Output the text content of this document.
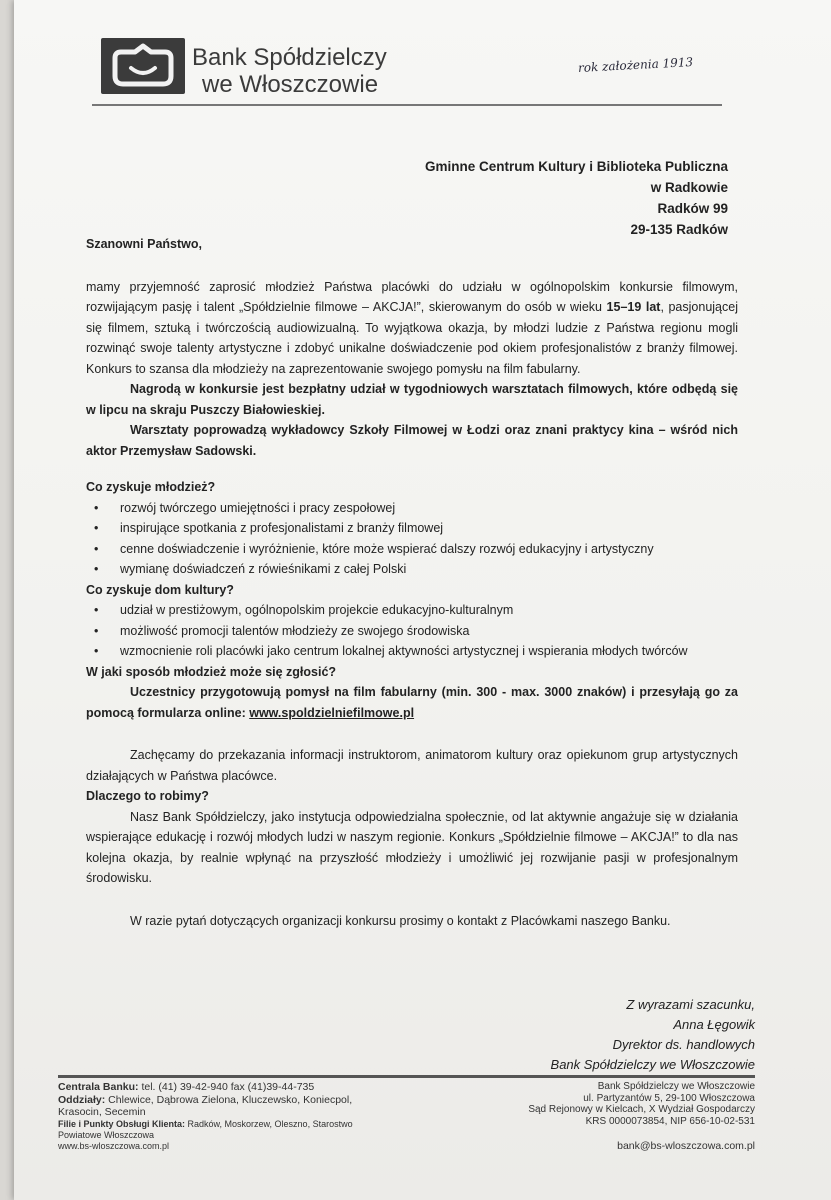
Bank Spółdzielczy
we Włoszczowie
rok założenia 1913
Gminne Centrum Kultury i Biblioteka Publiczna
w Radkowie
Radków 99
29-135 Radków

Szanowni Państwo,

mamy przyjemność zaprosić młodzież Państwa placówki do udziału w ogólnopolskim konkursie filmowym, rozwijającym pasję i talent „Spółdzielnie filmowe – AKCJA!”, skierowanym do osób w wieku 15–19 lat, pasjonującej się filmem, sztuką i twórczością audiowizualną. To wyjątkowa okazja, by młodzi ludzie z Państwa regionu mogli rozwinąć swoje talenty artystyczne i zdobyć unikalne doświadczenie pod okiem profesjonalistów z branży filmowej. Konkurs to szansa dla młodzieży na zaprezentowanie swojego pomysłu na film fabularny.

Nagrodą w konkursie jest bezpłatny udział w tygodniowych warsztatach filmowych, które odbędą się w lipcu na skraju Puszczy Białowieskiej.

Warsztaty poprowadzą wykładowcy Szkoły Filmowej w Łodzi oraz znani praktycy kina – wśród nich aktor Przemysław Sadowski.

Co zyskuje młodzież?

• rozwój twórczego umiejętności i pracy zespołowej
• inspirujące spotkania z profesjonalistami z branży filmowej
• cenne doświadczenie i wyróżnienie, które może wspierać dalszy rozwój edukacyjny i artystyczny
• wymianę doświadczeń z rówieśnikami z całej Polski

Co zyskuje dom kultury?

• udział w prestiżowym, ogólnopolskim projekcie edukacyjno-kulturalnym
• możliwość promocji talentów młodzieży ze swojego środowiska
• wzmocnienie roli placówki jako centrum lokalnej aktywności artystycznej i wspierania młodych twórców

W jaki sposób młodzież może się zgłosić?

Uczestnicy przygotowują pomysł na film fabularny (min. 300 - max. 3000 znaków) i przesyłają go za pomocą formularza online: www.spoldzielniefilmowe.pl

Zachęcamy do przekazania informacji instruktorom, animatorom kultury oraz opiekunom grup artystycznych działających w Państwa placówce.

Dlaczego to robimy?

Nasz Bank Spółdzielczy, jako instytucja odpowiedzialna społecznie, od lat aktywnie angażuje się w działania wspierające edukację i rozwój młodych ludzi w naszym regionie. Konkurs „Spółdzielnie filmowe – AKCJA!” to dla nas kolejna okazja, by realnie wpłynąć na przyszłość młodzieży i umożliwić jej rozwijanie pasji w profesjonalnym środowisku.

W razie pytań dotyczących organizacji konkursu prosimy o kontakt z Placówkami naszego Banku.

Z wyrazami szacunku,
Anna Łęgowik
Dyrektor ds. handlowych
Bank Spółdzielczy we Włoszczowie
Centrala Banku: tel. (41) 39-42-940 fax (41)39-44-735
Oddziały: Chlewice, Dąbrowa Zielona, Kluczewsko, Koniecpol, Krasocin, Secemin
Filie i Punkty Obsługi Klienta: Radków, Moskorzew, Oleszno, Starostwo Powiatowe Włoszczowa
www.bs-wloszczowa.com.pl
Bank Spółdzielczy we Włoszczowie
ul. Partyzantów 5, 29-100 Włoszczowa
Sąd Rejonowy w Kielcach, X Wydział Gospodarczy
KRS 0000073854, NIP 656-10-02-531
bank@bs-wloszczowa.com.pl
